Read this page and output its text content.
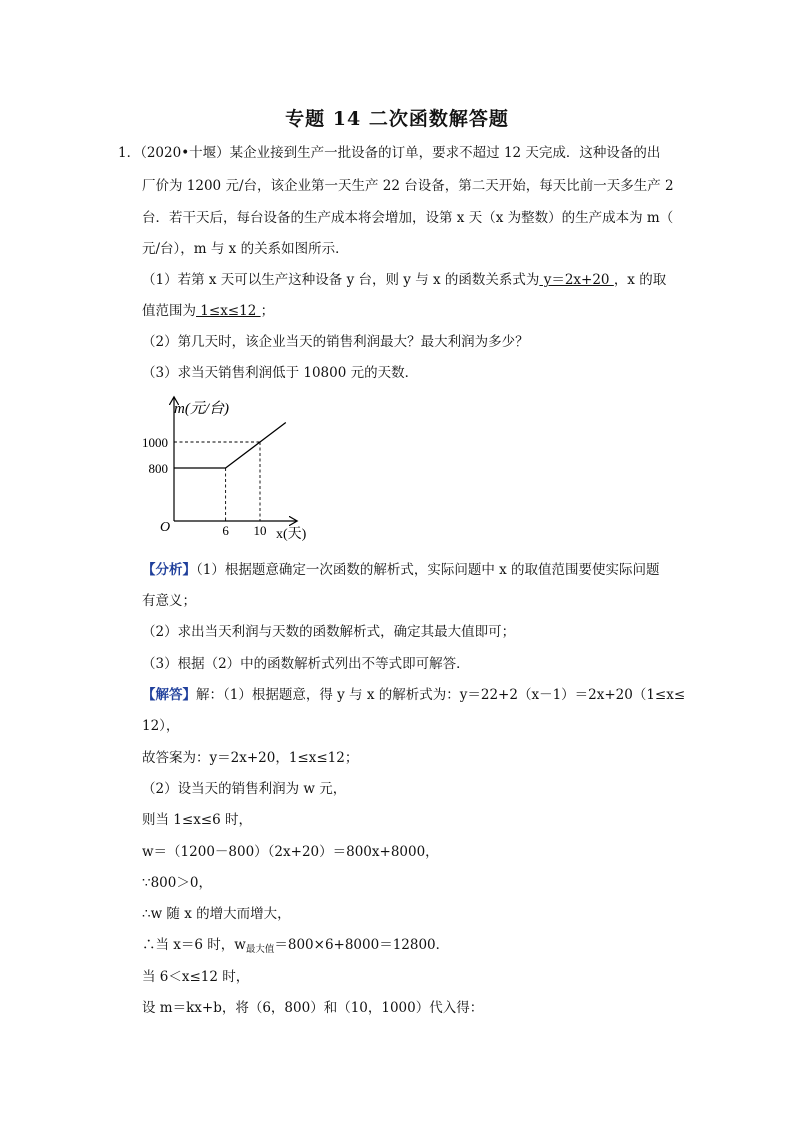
专题 14 二次函数解答题
1．（2020•十堰）某企业接到生产一批设备的订单，要求不超过 12 天完成．这种设备的出
厂价为 1200 元/台，该企业第一天生产 22 台设备，第二天开始，每天比前一天多生产 2
台．若干天后，每台设备的生产成本将会增加，设第 x 天（x 为整数）的生产成本为 m（
元/台），m 与 x 的关系如图所示．
（1）若第 x 天可以生产这种设备 y 台，则 y 与 x 的函数关系式为 y＝2x+20 ，x 的取
值范围为 1≤x≤12 ；
（2）第几天时，该企业当天的销售利润最大？最大利润为多少？
（3）求当天销售利润低于 10800 元的天数．
m(元/台)
x(天)
O	6 10
800
1000
【分析】（1）根据题意确定一次函数的解析式，实际问题中 x 的取值范围要使实际问题
有意义；
（2）求出当天利润与天数的函数解析式，确定其最大值即可；
（3）根据（2）中的函数解析式列出不等式即可解答．
【解答】解：（1）根据题意，得 y 与 x 的解析式为：y＝22+2（x－1）＝2x+20（1≤x≤
12），
故答案为：y＝2x+20，1≤x≤12；
（2）设当天的销售利润为 w 元，
则当 1≤x≤6 时，
w＝（1200－800）（2x+20）＝800x+8000，
∵800＞0，
∴w 随 x 的增大而增大，
∴当 x＝6 时，$w_{最大值}=800\times 6+8000=12800$．
当 6＜x≤12 时，
设 m＝kx+b，将（6，800）和（10，1000）代入得：
